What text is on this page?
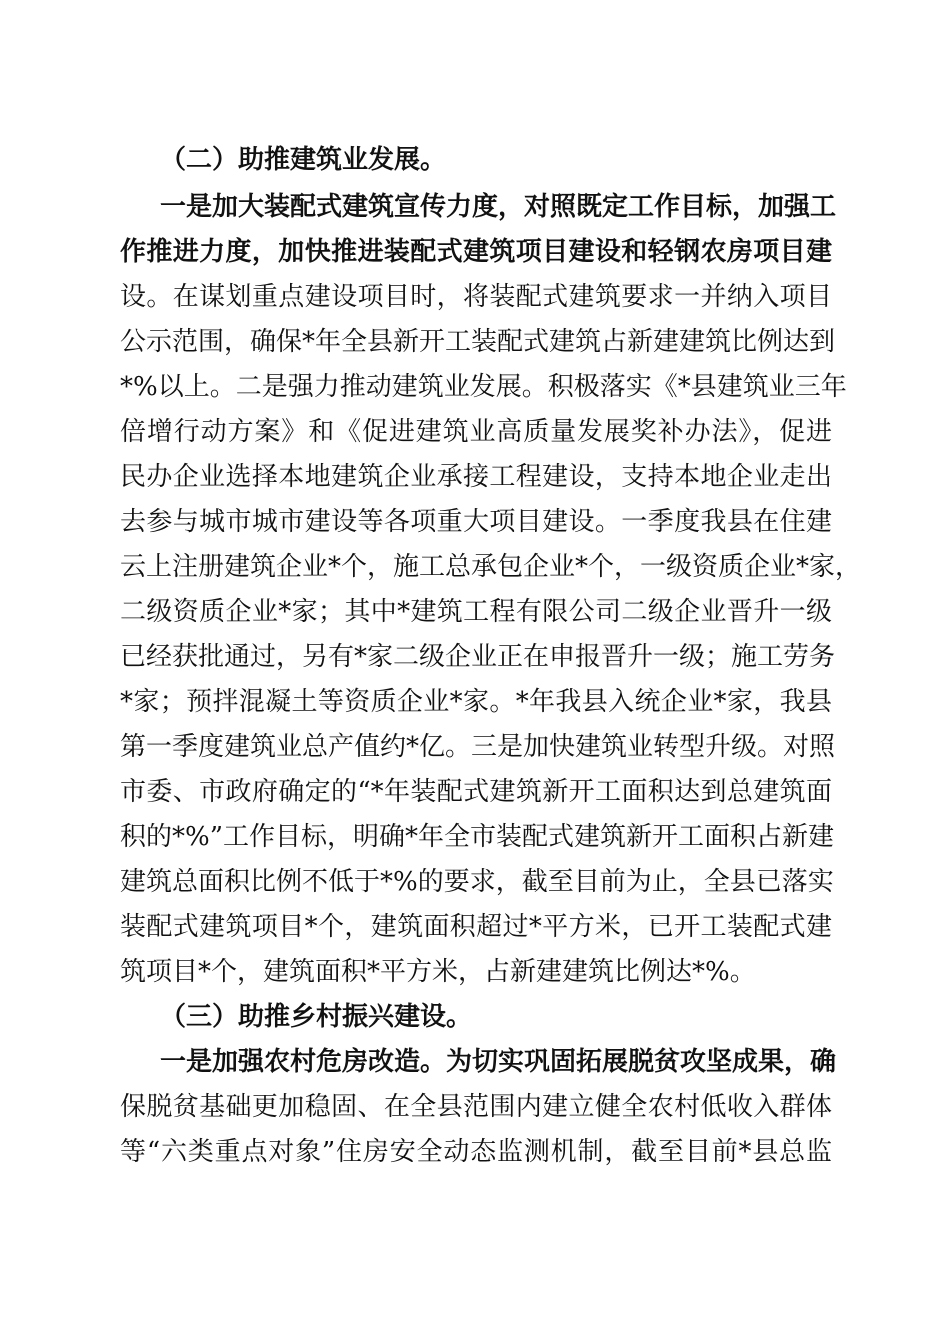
（二）助推建筑业发展。
一是加大装配式建筑宣传力度，对照既定工作目标，加强工
作推进力度，加快推进装配式建筑项目建设和轻钢农房项目建
设。在谋划重点建设项目时，将装配式建筑要求一并纳入项目
公示范围，确保*年全县新开工装配式建筑占新建建筑比例达到
*%以上。二是强力推动建筑业发展。积极落实《*县建筑业三年
倍增行动方案》和《促进建筑业高质量发展奖补办法》，促进
民办企业选择本地建筑企业承接工程建设，支持本地企业走出
去参与城市城市建设等各项重大项目建设。一季度我县在住建
云上注册建筑企业*个，施工总承包企业*个，一级资质企业*家，
二级资质企业*家；其中*建筑工程有限公司二级企业晋升一级
已经获批通过，另有*家二级企业正在申报晋升一级；施工劳务
*家；预拌混凝土等资质企业*家。*年我县入统企业*家，我县
第一季度建筑业总产值约*亿。三是加快建筑业转型升级。对照
市委、市政府确定的“*年装配式建筑新开工面积达到总建筑面
积的*%”工作目标，明确*年全市装配式建筑新开工面积占新建
建筑总面积比例不低于*%的要求，截至目前为止，全县已落实
装配式建筑项目*个，建筑面积超过*平方米，已开工装配式建
筑项目*个，建筑面积*平方米，占新建建筑比例达*%。
（三）助推乡村振兴建设。
一是加强农村危房改造。为切实巩固拓展脱贫攻坚成果，确
保脱贫基础更加稳固、在全县范围内建立健全农村低收入群体
等“六类重点对象”住房安全动态监测机制，截至目前*县总监
